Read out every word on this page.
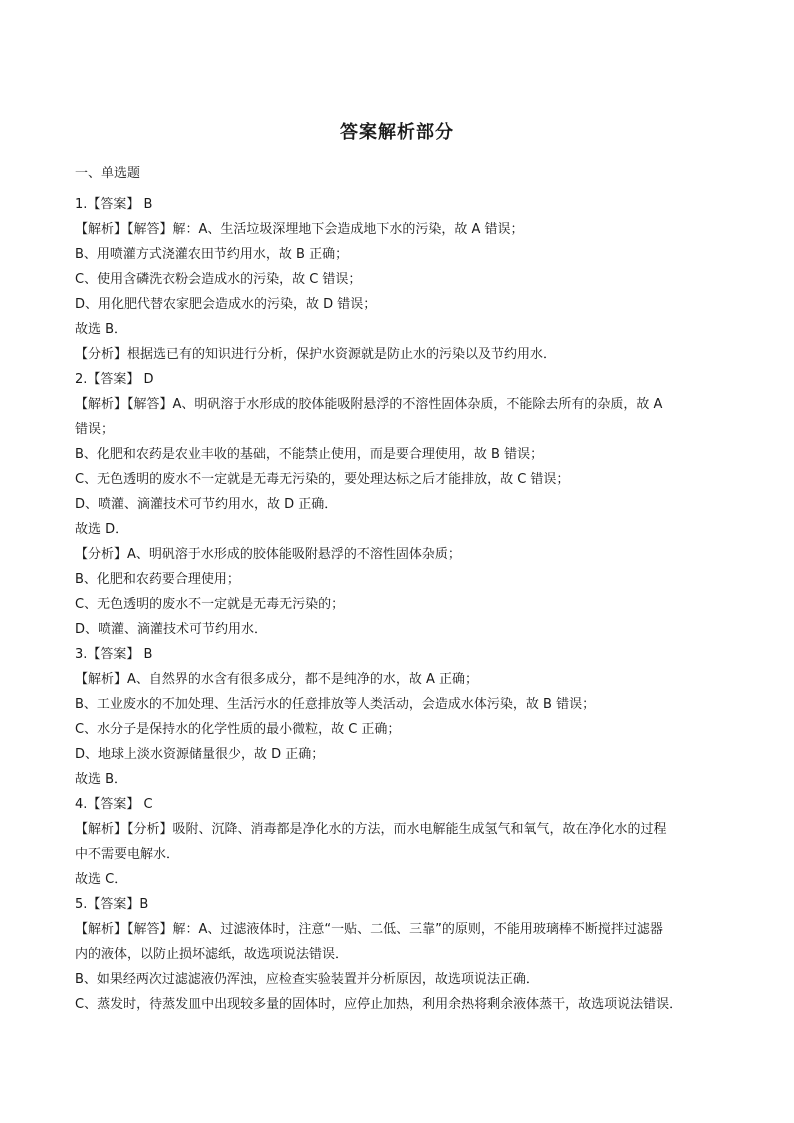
答案解析部分
一、单选题
1.【答案】 B
【解析】【解答】解：A、生活垃圾深埋地下会造成地下水的污染，故 A 错误；
B、用喷灌方式浇灌农田节约用水，故 B 正确；
C、使用含磷洗衣粉会造成水的污染，故 C 错误；
D、用化肥代替农家肥会造成水的污染，故 D 错误；
故选 B．
【分析】根据选已有的知识进行分析，保护水资源就是防止水的污染以及节约用水．
2.【答案】 D
【解析】【解答】A、明矾溶于水形成的胶体能吸附悬浮的不溶性固体杂质，不能除去所有的杂质，故 A
错误；
B、化肥和农药是农业丰收的基础，不能禁止使用，而是要合理使用，故 B 错误；
C、无色透明的废水不一定就是无毒无污染的，要处理达标之后才能排放，故 C 错误；
D、喷灌、滴灌技术可节约用水，故 D 正确．
故选 D．
【分析】A、明矾溶于水形成的胶体能吸附悬浮的不溶性固体杂质；
B、化肥和农药要合理使用；
C、无色透明的废水不一定就是无毒无污染的；
D、喷灌、滴灌技术可节约用水．
3.【答案】 B
【解析】A、自然界的水含有很多成分，都不是纯净的水，故 A 正确；
B、工业废水的不加处理、生活污水的任意排放等人类活动，会造成水体污染，故 B 错误；
C、水分子是保持水的化学性质的最小微粒，故 C 正确；
D、地球上淡水资源储量很少，故 D 正确；
故选 B．
4.【答案】 C
【解析】【分析】吸附、沉降、消毒都是净化水的方法，而水电解能生成氢气和氧气，故在净化水的过程
中不需要电解水．
故选 C．
5.【答案】B
【解析】【解答】解：A、过滤液体时，注意“一贴、二低、三靠”的原则，不能用玻璃棒不断搅拌过滤器
内的液体，以防止损坏滤纸，故选项说法错误．
B、如果经两次过滤滤液仍浑浊，应检查实验装置并分析原因，故选项说法正确．
C、蒸发时，待蒸发皿中出现较多量的固体时，应停止加热，利用余热将剩余液体蒸干，故选项说法错误．
